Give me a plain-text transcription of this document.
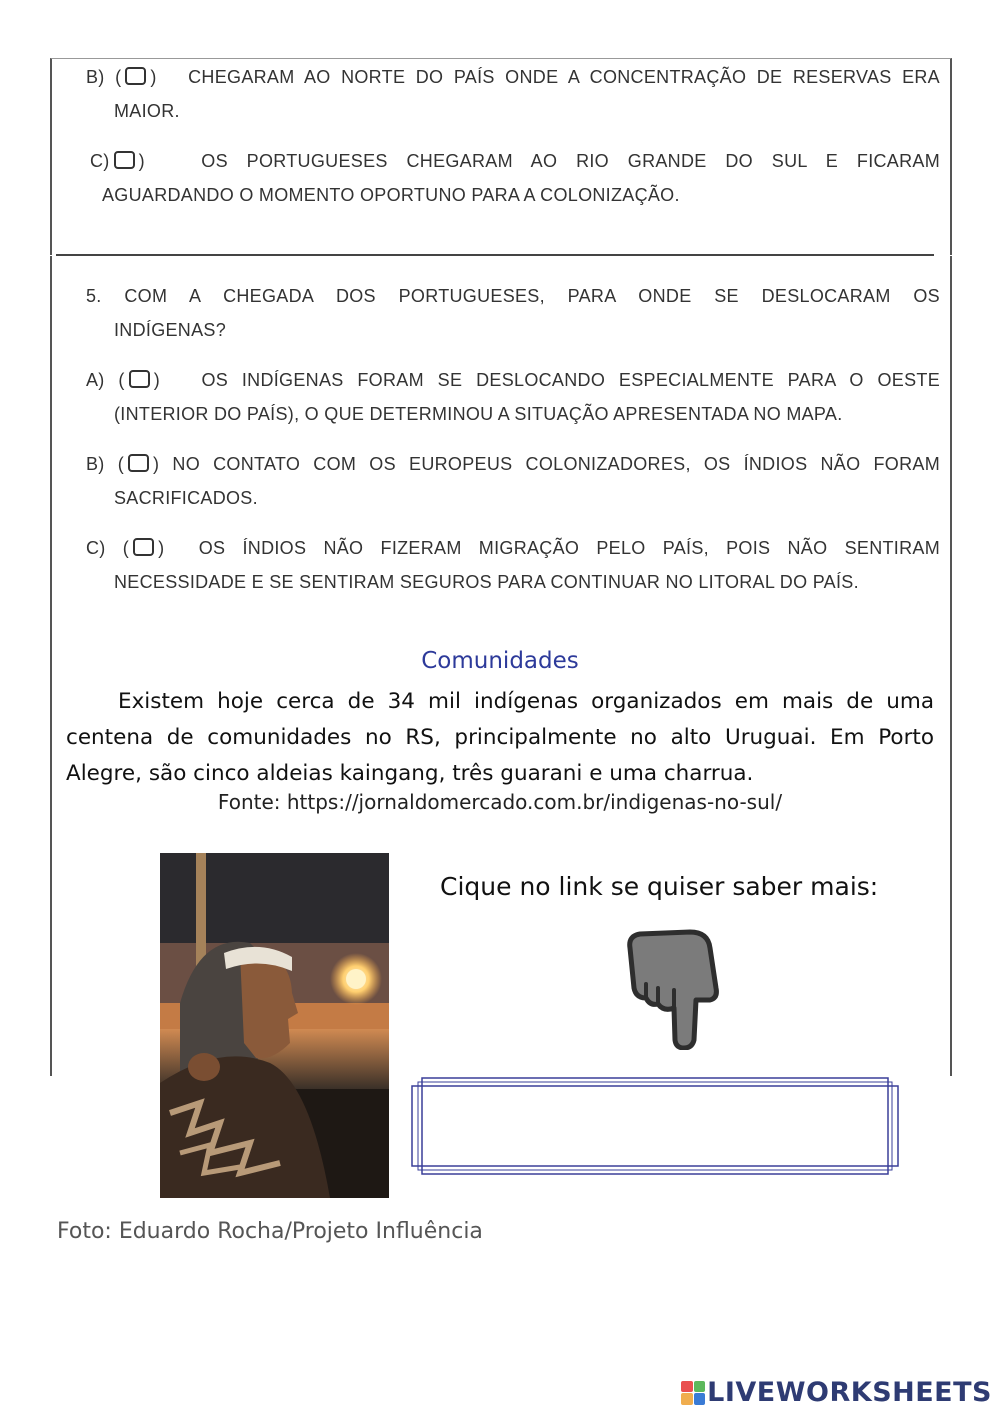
B) ( ) CHEGARAM AO NORTE DO PAÍS ONDE A CONCENTRAÇÃO DE RESERVAS ERA
MAIOR.
C) )	OS PORTUGUESES CHEGARAM AO RIO GRANDE DO SUL E FICARAM
AGUARDANDO O MOMENTO OPORTUNO PARA A COLONIZAÇÃO.
5. COM A CHEGADA DOS PORTUGUESES, PARA ONDE SE DESLOCARAM OS
INDÍGENAS?
A) ( ) OS INDÍGENAS FORAM SE DESLOCANDO ESPECIALMENTE PARA O OESTE
(INTERIOR DO PAÍS), O QUE DETERMINOU A SITUAÇÃO APRESENTADA NO MAPA.
B) ( ) NO CONTATO COM OS EUROPEUS COLONIZADORES, OS ÍNDIOS NÃO FORAM
SACRIFICADOS.
C) ( ) OS ÍNDIOS NÃO FIZERAM MIGRAÇÃO PELO PAÍS, POIS NÃO SENTIRAM
NECESSIDADE E SE SENTIRAM SEGUROS PARA CONTINUAR NO LITORAL DO PAÍS.
Comunidades
Existem hoje cerca de 34 mil indígenas organizados em mais de uma centena de comunidades no RS, principalmente no alto Uruguai. Em Porto Alegre, são cinco aldeias kaingang, três guarani e uma charrua.
Fonte: https://jornaldomercado.com.br/indigenas-no-sul/
Cique no link se quiser saber mais:
Foto: Eduardo Rocha/Projeto Influência
LIVEWORKSHEETS
